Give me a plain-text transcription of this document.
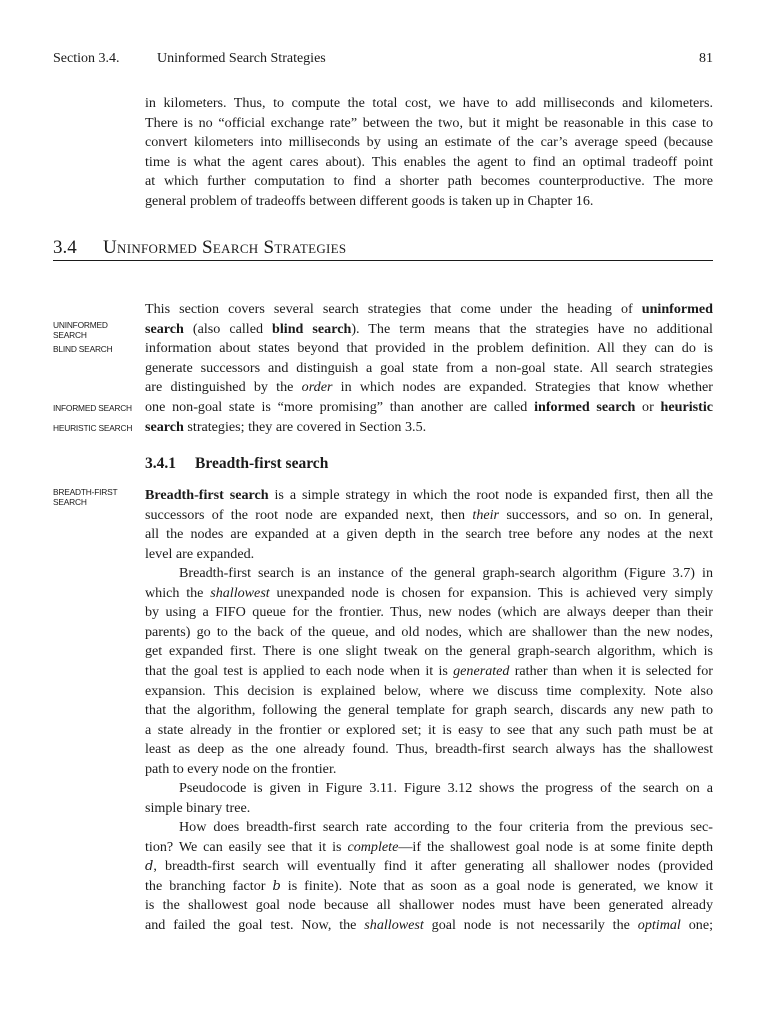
Section 3.4.	Uninformed Search Strategies	81
in kilometers. Thus, to compute the total cost, we have to add milliseconds and kilometers.
There is no “official exchange rate” between the two, but it might be reasonable in this case to
convert kilometers into milliseconds by using an estimate of the car’s average speed (because
time is what the agent cares about). This enables the agent to find an optimal tradeoff point
at which further computation to find a shorter path becomes counterproductive. The more
general problem of tradeoffs between different goods is taken up in Chapter 16.
3.4 Uninformed Search Strategies
UNINFORMED
SEARCH
BLIND SEARCH
INFORMED SEARCH
HEURISTIC SEARCH
BREADTH-FIRST
SEARCH
This section covers several search strategies that come under the heading of uninformed
search (also called blind search). The term means that the strategies have no additional
information about states beyond that provided in the problem definition. All they can do is
generate successors and distinguish a goal state from a non-goal state. All search strategies
are distinguished by the order in which nodes are expanded. Strategies that know whether
one non-goal state is “more promising” than another are called informed search or heuristic
search strategies; they are covered in Section 3.5.
3.4.1 Breadth-first search
Breadth-first search is a simple strategy in which the root node is expanded first, then all the
successors of the root node are expanded next, then their successors, and so on. In general,
all the nodes are expanded at a given depth in the search tree before any nodes at the next
level are expanded.
Breadth-first search is an instance of the general graph-search algorithm (Figure 3.7) in
which the shallowest unexpanded node is chosen for expansion. This is achieved very simply
by using a FIFO queue for the frontier. Thus, new nodes (which are always deeper than their
parents) go to the back of the queue, and old nodes, which are shallower than the new nodes,
get expanded first. There is one slight tweak on the general graph-search algorithm, which is
that the goal test is applied to each node when it is generated rather than when it is selected for
expansion. This decision is explained below, where we discuss time complexity. Note also
that the algorithm, following the general template for graph search, discards any new path to
a state already in the frontier or explored set; it is easy to see that any such path must be at
least as deep as the one already found. Thus, breadth-first search always has the shallowest
path to every node on the frontier.
Pseudocode is given in Figure 3.11. Figure 3.12 shows the progress of the search on a
simple binary tree.
How does breadth-first search rate according to the four criteria from the previous sec-
tion? We can easily see that it is complete—if the shallowest goal node is at some finite depth
d, breadth-first search will eventually find it after generating all shallower nodes (provided
the branching factor b is finite). Note that as soon as a goal node is generated, we know it
is the shallowest goal node because all shallower nodes must have been generated already
and failed the goal test. Now, the shallowest goal node is not necessarily the optimal one;
